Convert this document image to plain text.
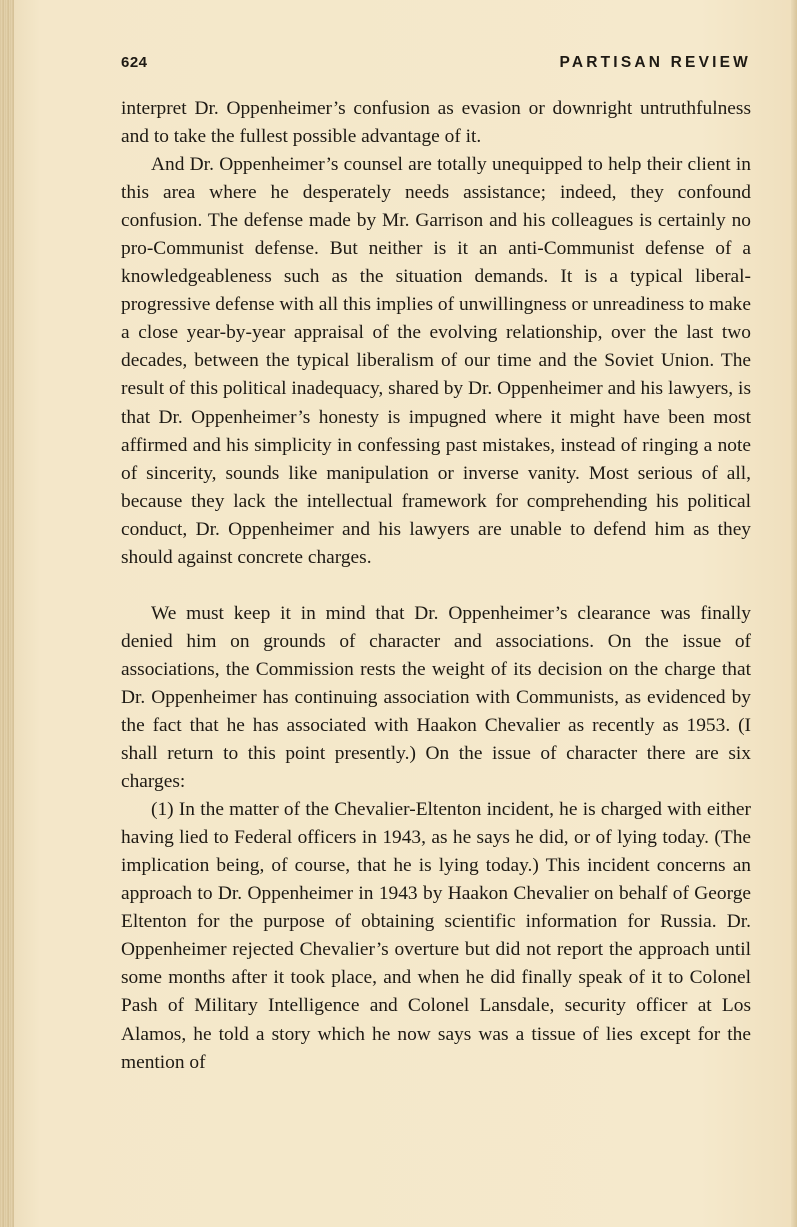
624	PARTISAN REVIEW

interpret Dr. Oppenheimer’s confusion as evasion or downright untruthfulness and to take the fullest possible advantage of it.

And Dr. Oppenheimer’s counsel are totally unequipped to help their client in this area where he desperately needs assistance; indeed, they confound confusion. The defense made by Mr. Garrison and his colleagues is certainly no pro-Communist defense. But neither is it an anti-Communist defense of a knowledgeableness such as the situation demands. It is a typical liberal-progressive defense with all this implies of unwillingness or unreadiness to make a close year-by-year appraisal of the evolving relationship, over the last two decades, between the typical liberalism of our time and the Soviet Union. The result of this political inadequacy, shared by Dr. Oppenheimer and his lawyers, is that Dr. Oppenheimer’s honesty is impugned where it might have been most affirmed and his simplicity in confessing past mistakes, instead of ringing a note of sincerity, sounds like manipulation or inverse vanity. Most serious of all, because they lack the intellectual framework for comprehending his political conduct, Dr. Oppenheimer and his lawyers are unable to defend him as they should against concrete charges.

We must keep it in mind that Dr. Oppenheimer’s clearance was finally denied him on grounds of character and associations. On the issue of associations, the Commission rests the weight of its decision on the charge that Dr. Oppenheimer has continuing association with Communists, as evidenced by the fact that he has associated with Haakon Chevalier as recently as 1953. (I shall return to this point presently.) On the issue of character there are six charges:

(1) In the matter of the Chevalier-Eltenton incident, he is charged with either having lied to Federal officers in 1943, as he says he did, or of lying today. (The implication being, of course, that he is lying today.) This incident concerns an approach to Dr. Oppenheimer in 1943 by Haakon Chevalier on behalf of George Eltenton for the purpose of obtaining scientific information for Russia. Dr. Oppenheimer rejected Chevalier’s overture but did not report the approach until some months after it took place, and when he did finally speak of it to Colonel Pash of Military Intelligence and Colonel Lansdale, security officer at Los Alamos, he told a story which he now says was a tissue of lies except for the mention of
